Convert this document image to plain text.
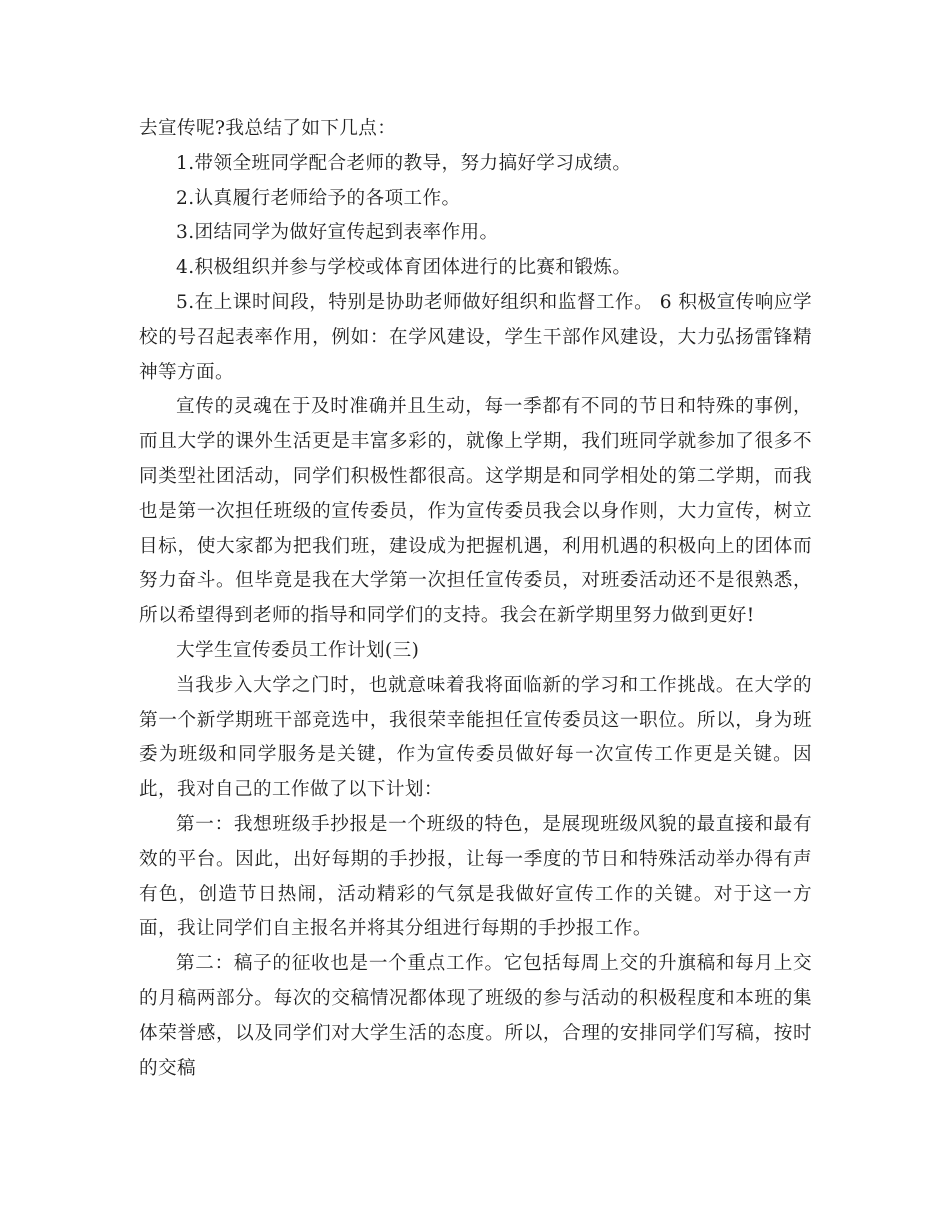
去宣传呢?我总结了如下几点：

1.带领全班同学配合老师的教导，努力搞好学习成绩。

2.认真履行老师给予的各项工作。

3.团结同学为做好宣传起到表率作用。

4.积极组织并参与学校或体育团体进行的比赛和锻炼。

5.在上课时间段，特别是协助老师做好组织和监督工作。 6 积极宣传响应学校的号召起表率作用，例如：在学风建设，学生干部作风建设，大力弘扬雷锋精神等方面。

宣传的灵魂在于及时准确并且生动，每一季都有不同的节日和特殊的事例，而且大学的课外生活更是丰富多彩的，就像上学期，我们班同学就参加了很多不同类型社团活动，同学们积极性都很高。这学期是和同学相处的第二学期，而我也是第一次担任班级的宣传委员，作为宣传委员我会以身作则，大力宣传，树立目标，使大家都为把我们班，建设成为把握机遇，利用机遇的积极向上的团体而努力奋斗。但毕竟是我在大学第一次担任宣传委员，对班委活动还不是很熟悉，所以希望得到老师的指导和同学们的支持。我会在新学期里努力做到更好!

大学生宣传委员工作计划(三)

当我步入大学之门时，也就意味着我将面临新的学习和工作挑战。在大学的第一个新学期班干部竞选中，我很荣幸能担任宣传委员这一职位。所以，身为班委为班级和同学服务是关键，作为宣传委员做好每一次宣传工作更是关键。因此，我对自己的工作做了以下计划：

第一：我想班级手抄报是一个班级的特色，是展现班级风貌的最直接和最有效的平台。因此，出好每期的手抄报，让每一季度的节日和特殊活动举办得有声有色，创造节日热闹，活动精彩的气氛是我做好宣传工作的关键。对于这一方面，我让同学们自主报名并将其分组进行每期的手抄报工作。

第二：稿子的征收也是一个重点工作。它包括每周上交的升旗稿和每月上交的月稿两部分。每次的交稿情况都体现了班级的参与活动的积极程度和本班的集体荣誉感，以及同学们对大学生活的态度。所以，合理的安排同学们写稿，按时的交稿
